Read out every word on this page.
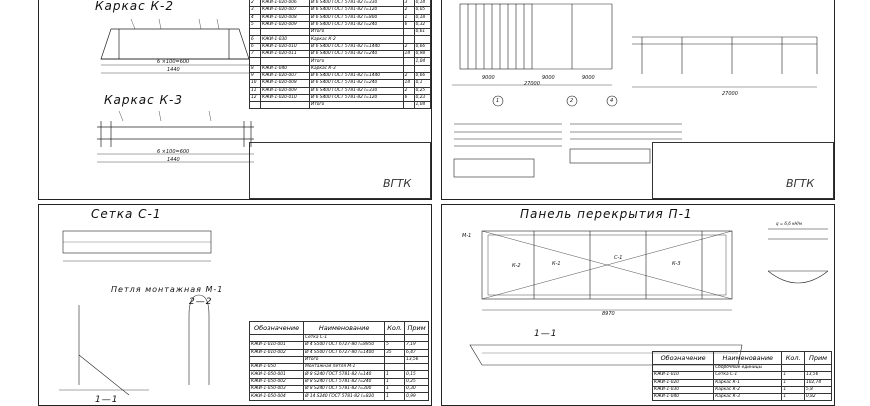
Каркас К-2
6 ×100=600
1440
Каркас К-3
6 ×100=600
1440
2	КЖИ-1-020-006	Ø 6 S400 ГОСТ 5781-82 l=330	3	0,14
3	КЖИ-1-020-007	Ø 6 S400 ГОСТ 5781-82 l=120	2	0,05
4	КЖИ-1-020-008	Ø 6 S400 ГОСТ 5781-82 l=800	1	0,18
5	КЖИ-1-020-009	Ø 6 S400 ГОСТ 5781-82 l=240	6	0,32
		Итого		0,61
6	КЖИ-1-030	Каркас К-2		
6	КЖИ-1-020-010	Ø 6 S400 ГОСТ 5781-82 l=1440	2	0,66
7	КЖИ-1-020-011	Ø 6 S400 ГОСТ 5781-82 l=240	14	0,98
		Итого		1,04
8	КЖИ-1-040	Каркас К-3		
9	КЖИ-1-020-007	Ø 6 S400 ГОСТ 5781-82 l=1440	2	0,66
10	КЖИ-1-020-008	Ø 6 S400 ГОСТ 5781-82 l=240	14	0,1
11	КЖИ-1-020-009	Ø 6 S400 ГОСТ 5781-82 l=330	2	0,25
12	КЖИ-1-020-010	Ø 6 S400 ГОСТ 5781-82 l=120	6	0,23
		Итого		1,04
ВГТК
9000	9000	9000
27000
1	2	4
27000
ВГТК
Сетка С-1
Петля монтажная М-1
2—2
1—1
Обозначение	Наименование	Кол.	Прим
	Сетка С-1		
КЖИ-1-010-001	Ø 4 S500 ГОСТ 6727-80 l=8950	5	7,19
КЖИ-1-010-002	Ø 4 S500 ГОСТ 6727-80 l=1400	35	6,47
	Итого		13,56
КЖИ-1-050	Монтажная петля М-1		
КЖИ-1-050-001	Ø 8 S240 ГОСТ 5781-82 l=140	1	0,15
КЖИ-1-050-002	Ø 8 S240 ГОСТ 5781-82 l=240	1	0,25
КЖИ-1-050-003	Ø 8 S240 ГОСТ 5781-82 l=300	1	0,30
КЖИ-1-050-004	Ø 14 S240 ГОСТ 5781-82 l=820	1	0,99
Панель перекрытия П-1
К-1
К-2	К-3
С-1
М-1
8970
q = 6,6 кН/м
1—1
Обозначение	Наименование	Кол.	Прим
	Сборочные единицы		
КЖИ-1-010	Сетка С-1	1	13,56
КЖИ-1-020	Каркас К-1	1	102,74
КЖИ-1-030	Каркас К-2	1	5,8
КЖИ-1-040	Каркас К-3	1	0,82
